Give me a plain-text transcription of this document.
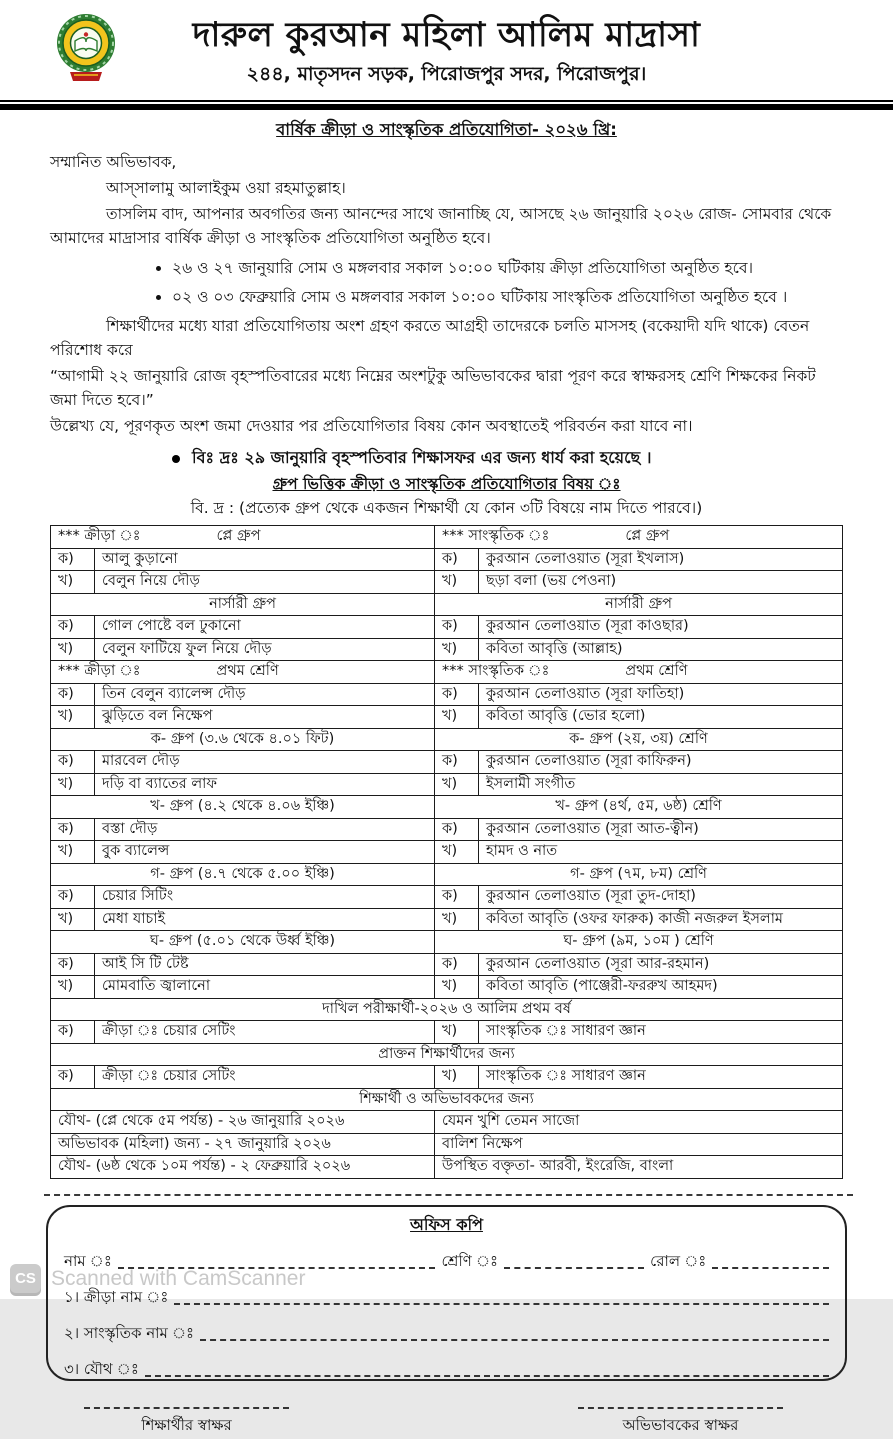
দারুল কুরআন মহিলা আলিম মাদ্রাসা
২৪৪, মাতৃসদন সড়ক, পিরোজপুর সদর, পিরোজপুর।
বার্ষিক ক্রীড়া ও সাংস্কৃতিক প্রতিযোগিতা- ২০২৬ খ্রি:

সম্মানিত অভিভাবক,

আস্সালামু আলাইকুম ওয়া রহমাতুল্লাহ।

তাসলিম বাদ, আপনার অবগতির জন্য আনন্দের সাথে জানাচ্ছি যে, আসছে ২৬ জানুয়ারি ২০২৬ রোজ- সোমবার থেকে আমাদের মাদ্রাসার বার্ষিক ক্রীড়া ও সাংস্কৃতিক প্রতিযোগিতা অনুষ্ঠিত হবে।

• ২৬ ও ২৭ জানুয়ারি সোম ও মঙ্গলবার সকাল ১০:০০ ঘটিকায় ক্রীড়া প্রতিযোগিতা অনুষ্ঠিত হবে।
• ০২ ও ০৩ ফেব্রুয়ারি সোম ও মঙ্গলবার সকাল ১০:০০ ঘটিকায় সাংস্কৃতিক প্রতিযোগিতা অনুষ্ঠিত হবে ।

শিক্ষার্থীদের মধ্যে যারা প্রতিযোগিতায় অংশ গ্রহণ করতে আগ্রহী তাদেরকে চলতি মাসসহ (বকেয়াদী যদি থাকে) বেতন পরিশোধ করে

“আগামী ২২ জানুয়ারি রোজ বৃহস্পতিবারের মধ্যে নিম্নের অংশটুকু অভিভাবকের দ্বারা পূরণ করে স্বাক্ষরসহ শ্রেণি শিক্ষকের নিকট জমা দিতে হবে।”

উল্লেখ্য যে, পূরণকৃত অংশ জমা দেওয়ার পর প্রতিযোগিতার বিষয় কোন অবস্থাতেই পরিবর্তন করা যাবে না।

বিঃ দ্রঃ ২৯ জানুয়ারি বৃহস্পতিবার শিক্ষাসফর এর জন্য ধার্য করা হয়েছে ।
গ্রুপ ভিত্তিক ক্রীড়া ও সাংস্কৃতিক প্রতিযোগিতার বিষয় ঃ
বি. দ্র : (প্রত্যেক গ্রুপ থেকে একজন শিক্ষার্থী যে কোন ৩টি বিষয়ে নাম দিতে পারবে।)
*** ক্রীড়া ঃ প্লে গ্রুপ		*** সাংস্কৃতিক ঃ প্লে গ্রুপ	
ক)	আলু কুড়ানো	ক)	কুরআন তেলাওয়াত (সূরা ইখলাস)
খ)	বেলুন নিয়ে দৌড়	খ)	ছড়া বলা (ভয় পেওনা)
নার্সারী গ্রুপ		নার্সারী গ্রুপ	
ক)	গোল পোষ্টে বল ঢুকানো	ক)	কুরআন তেলাওয়াত (সূরা কাওছার)
খ)	বেলুন ফাটিয়ে ফুল নিয়ে দৌড়	খ)	কবিতা আবৃত্তি (আল্লাহ)
*** ক্রীড়া ঃ প্রথম শ্রেণি		*** সাংস্কৃতিক ঃ প্রথম শ্রেণি	
ক)	তিন বেলুন ব্যালেন্স দৌড়	ক)	কুরআন তেলাওয়াত (সূরা ফাতিহা)
খ)	ঝুড়িতে বল নিক্ষেপ	খ)	কবিতা আবৃত্তি (ভোর হলো)
ক- গ্রুপ (৩.৬ থেকে ৪.০১ ফিট)		ক- গ্রুপ (২য়, ৩য়) শ্রেণি	
ক)	মারবেল দৌড়	ক)	কুরআন তেলাওয়াত (সূরা কাফিরুন)
খ)	দড়ি বা ব্যাতের লাফ	খ)	ইসলামী সংগীত
খ- গ্রুপ (৪.২ থেকে ৪.০৬ ইঞ্চি)		খ- গ্রুপ (৪র্থ, ৫ম, ৬ষ্ঠ) শ্রেণি	
ক)	বস্তা দৌড়	ক)	কুরআন তেলাওয়াত (সূরা আত-ত্বীন)
খ)	বুক ব্যালেন্স	খ)	হামদ ও নাত
গ- গ্রুপ (৪.৭ থেকে ৫.০০ ইঞ্চি)		গ- গ্রুপ (৭ম, ৮ম) শ্রেণি	
ক)	চেয়ার সিটিং	ক)	কুরআন তেলাওয়াত (সূরা তুদ-দোহা)
খ)	মেধা যাচাই	খ)	কবিতা আবৃতি (ওফর ফারুক) কাজী নজরুল ইসলাম
ঘ- গ্রুপ (৫.০১ থেকে উর্ধ্ব ইঞ্চি)		ঘ- গ্রুপ (৯ম, ১০ম ) শ্রেণি	
ক)	আই সি টি টেষ্ট	ক)	কুরআন তেলাওয়াত (সূরা আর-রহমান)
খ)	মোমবাতি জ্বালানো	খ)	কবিতা আবৃতি (পাঞ্জেরী-ফররুখ আহমদ)
দাখিল পরীক্ষার্থী-২০২৬ ও আলিম প্রথম বর্ষ			
ক)	ক্রীড়া ঃ চেয়ার সেটিং	খ)	সাংস্কৃতিক ঃ সাধারণ জ্ঞান
প্রাক্তন শিক্ষার্থীদের জন্য			
ক)	ক্রীড়া ঃ চেয়ার সেটিং	খ)	সাংস্কৃতিক ঃ সাধারণ জ্ঞান
শিক্ষার্থী ও অভিভাবকদের জন্য			
যৌথ- (প্লে থেকে ৫ম পর্যন্ত) - ২৬ জানুয়ারি ২০২৬		যেমন খুশি তেমন সাজো	
অভিভাবক (মহিলা) জন্য - ২৭ জানুয়ারি ২০২৬		বালিশ নিক্ষেপ	
যৌথ- (৬ষ্ঠ থেকে ১০ম পর্যন্ত) - ২ ফেব্রুয়ারি ২০২৬		উপস্থিত বক্তৃতা- আরবী, ইংরেজি, বাংলা	
অফিস কপি
নাম ঃ	শ্রেণি ঃ	রোল ঃ
১। ক্রীড়া নাম ঃ
২। সাংস্কৃতিক নাম ঃ
৩। যৌথ ঃ
শিক্ষার্থীর স্বাক্ষর	অভিভাবকের স্বাক্ষর
CS Scanned with CamScanner
